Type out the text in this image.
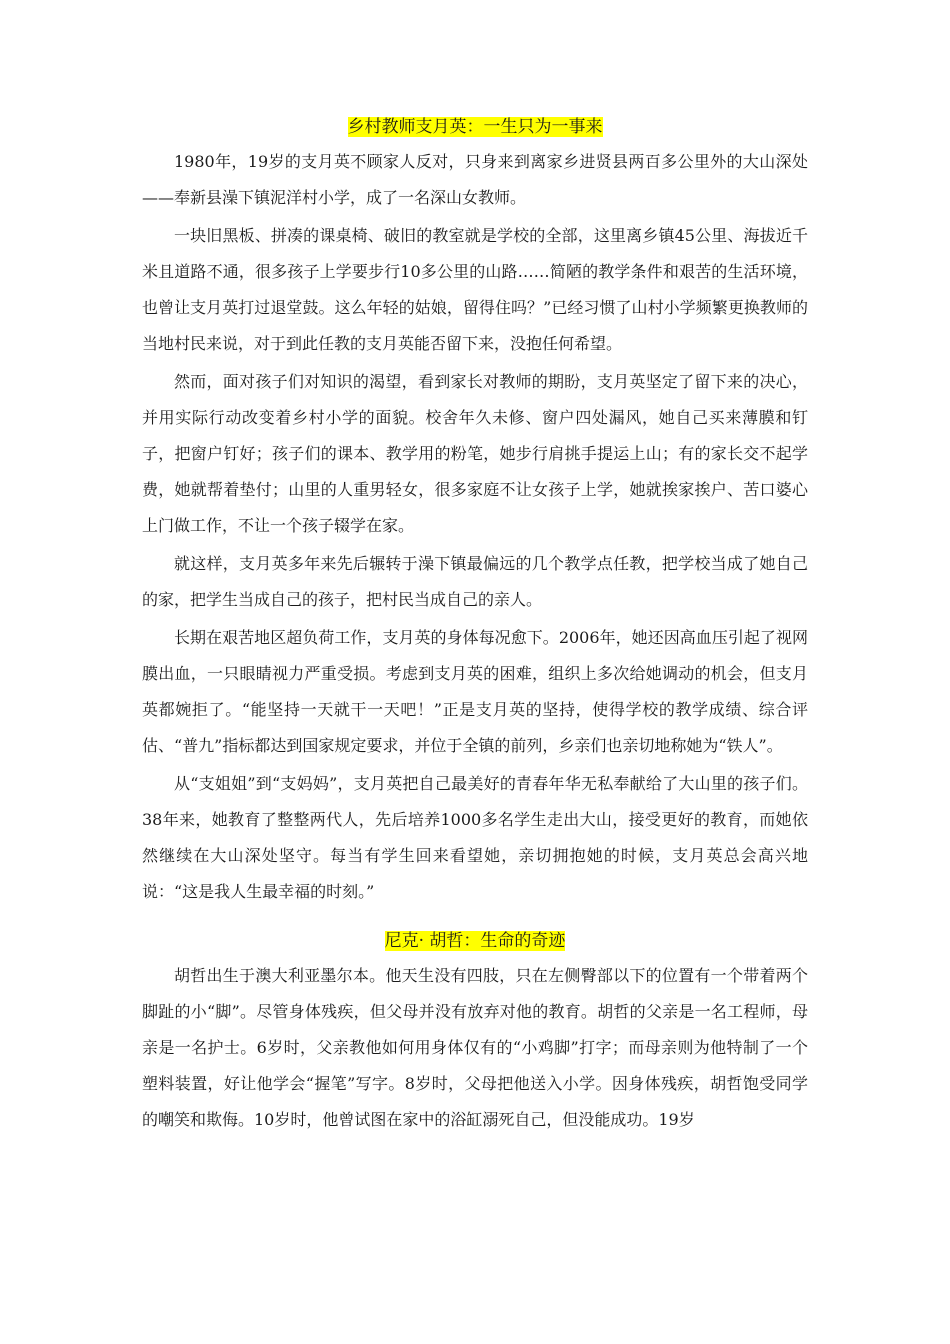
乡村教师支月英：一生只为一事来

1980年，19岁的支月英不顾家人反对，只身来到离家乡进贤县两百多公里外的大山深处——奉新县澡下镇泥洋村小学，成了一名深山女教师。

一块旧黑板、拼凑的课桌椅、破旧的教室就是学校的全部，这里离乡镇45公里、海拔近千米且道路不通，很多孩子上学要步行10多公里的山路……简陋的教学条件和艰苦的生活环境，也曾让支月英打过退堂鼓。这么年轻的姑娘，留得住吗？”已经习惯了山村小学频繁更换教师的当地村民来说，对于到此任教的支月英能否留下来，没抱任何希望。

然而，面对孩子们对知识的渴望，看到家长对教师的期盼，支月英坚定了留下来的决心，并用实际行动改变着乡村小学的面貌。校舍年久未修、窗户四处漏风，她自己买来薄膜和钉子，把窗户钉好；孩子们的课本、教学用的粉笔，她步行肩挑手提运上山；有的家长交不起学费，她就帮着垫付；山里的人重男轻女，很多家庭不让女孩子上学，她就挨家挨户、苦口婆心上门做工作，不让一个孩子辍学在家。

就这样，支月英多年来先后辗转于澡下镇最偏远的几个教学点任教，把学校当成了她自己的家，把学生当成自己的孩子，把村民当成自己的亲人。

长期在艰苦地区超负荷工作，支月英的身体每况愈下。2006年，她还因高血压引起了视网膜出血，一只眼睛视力严重受损。考虑到支月英的困难，组织上多次给她调动的机会，但支月英都婉拒了。“能坚持一天就干一天吧！”正是支月英的坚持，使得学校的教学成绩、综合评估、“普九”指标都达到国家规定要求，并位于全镇的前列，乡亲们也亲切地称她为“铁人”。

从“支姐姐”到“支妈妈”，支月英把自己最美好的青春年华无私奉献给了大山里的孩子们。38年来，她教育了整整两代人，先后培养1000多名学生走出大山，接受更好的教育，而她依然继续在大山深处坚守。每当有学生回来看望她，亲切拥抱她的时候，支月英总会高兴地说：“这是我人生最幸福的时刻。”

尼克· 胡哲：生命的奇迹

胡哲出生于澳大利亚墨尔本。他天生没有四肢，只在左侧臀部以下的位置有一个带着两个脚趾的小“脚”。尽管身体残疾，但父母并没有放弃对他的教育。胡哲的父亲是一名工程师，母亲是一名护士。6岁时，父亲教他如何用身体仅有的“小鸡脚”打字；而母亲则为他特制了一个塑料装置，好让他学会“握笔”写字。8岁时，父母把他送入小学。因身体残疾，胡哲饱受同学的嘲笑和欺侮。10岁时，他曾试图在家中的浴缸溺死自己，但没能成功。19岁
